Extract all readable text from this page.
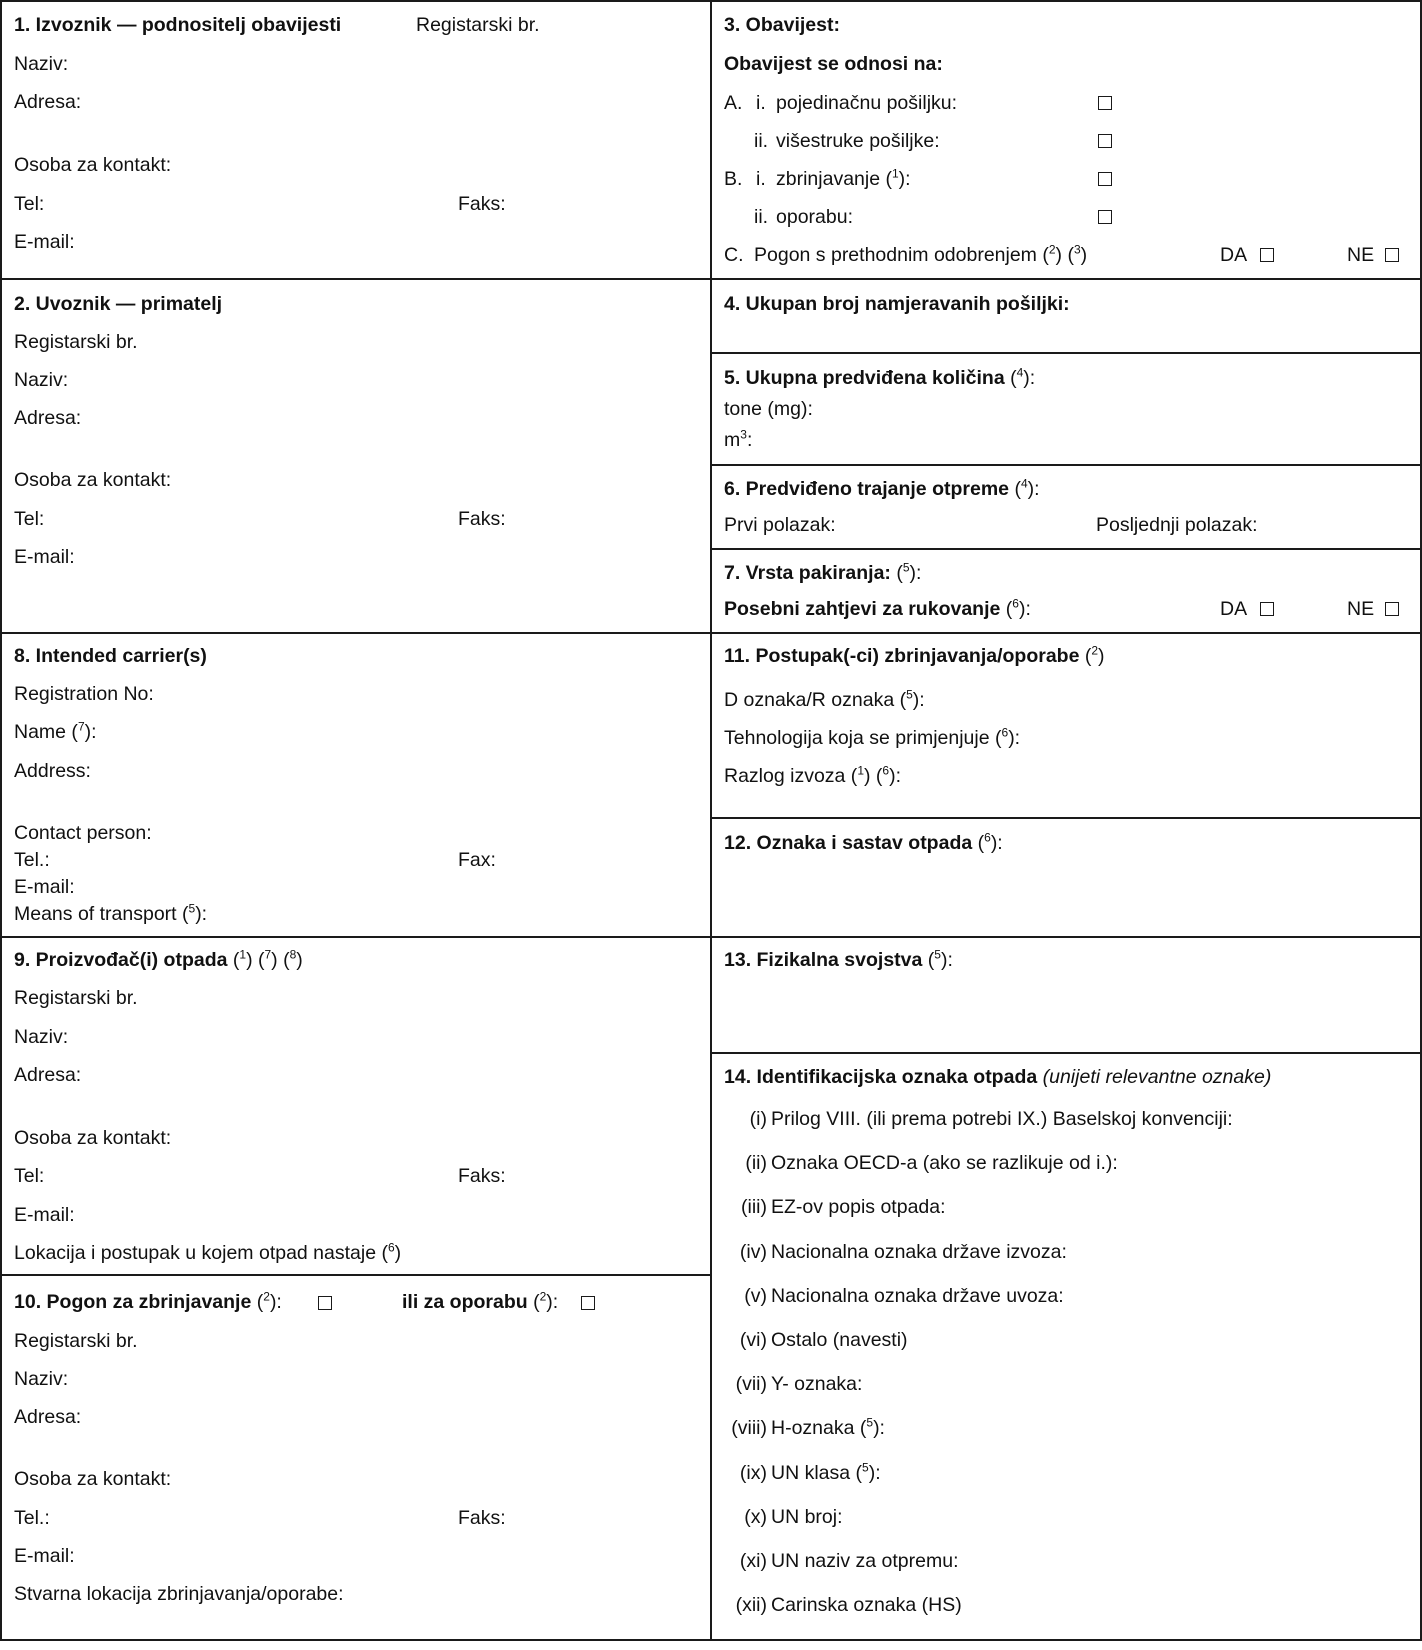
1. Izvoznik — podnositelj obavijesti	Registarski br.
Naziv:
Adresa:
Osoba za kontakt:
Tel:	Faks:
E-mail:
2. Uvoznik — primatelj
Registarski br.
Naziv:
Adresa:
Osoba za kontakt:
Tel:	Faks:
E-mail:
8. Intended carrier(s)
Registration No:
Name ($^7$):
Address:
Contact person:
Tel.:	Fax:
E-mail:
Means of transport ($^5$):
9. Proizvođač(i) otpada ($^1$) ($^7$) ($^8$)
Registarski br.
Naziv:
Adresa:
Osoba za kontakt:
Tel:	Faks:
E-mail:
Lokacija i postupak u kojem otpad nastaje ($^6$)
10. Pogon za zbrinjavanje ($^2$):	ili za oporabu ($^2$):
Registarski br.
Naziv:
Adresa:
Osoba za kontakt:
Tel.:	Faks:
E-mail:
Stvarna lokacija zbrinjavanja/oporabe:
3. Obavijest:
Obavijest se odnosi na:
A. i. pojedinačnu pošiljku:
ii. višestruke pošiljke:
B. i. zbrinjavanje ($^1$):
ii. oporabu:
C. Pogon s prethodnim odobrenjem ($^2$) ($^3$)	DA	NE
4. Ukupan broj namjeravanih pošiljki:
5. Ukupna predviđena količina ($^4$):
tone (mg):
$m^3$:
6. Predviđeno trajanje otpreme ($^4$):
Prvi polazak:	Posljednji polazak:
7. Vrsta pakiranja: ($^5$):
Posebni zahtjevi za rukovanje ($^6$):	DA	NE
11. Postupak(-ci) zbrinjavanja/oporabe ($^2$)
D oznaka/R oznaka ($^5$):
Tehnologija koja se primjenjuje ($^6$):
Razlog izvoza ($^1$) ($^6$):
12. Oznaka i sastav otpada ($^6$):
13. Fizikalna svojstva ($^5$):
14. Identifikacijska oznaka otpada (unijeti relevantne oznake)
(i) Prilog VIII. (ili prema potrebi IX.) Baselskoj konvenciji:
(ii) Oznaka OECD-a (ako se razlikuje od i.):
(iii) EZ-ov popis otpada:
(iv) Nacionalna oznaka države izvoza:
(v) Nacionalna oznaka države uvoza:
(vi) Ostalo (navesti)
(vii) Y- oznaka:
(viii) H-oznaka ($^5$):
(ix) UN klasa ($^5$):
(x) UN broj:
(xi) UN naziv za otpremu:
(xii) Carinska oznaka (HS)
